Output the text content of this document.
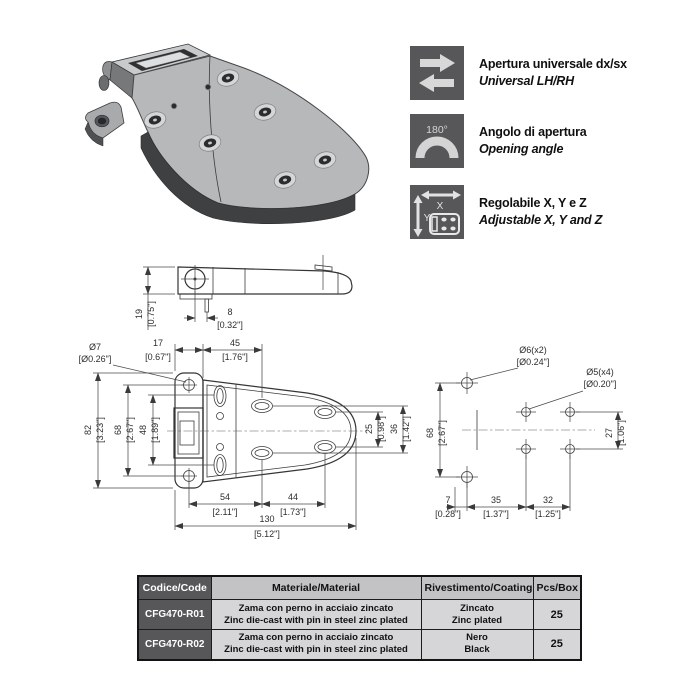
Apertura universale dx/sx
Universal LH/RH
180° Angolo di apertura
Opening angle
X
Y
Regolabile X, Y e Z
Adjustable X, Y and Z
19 [0.75"]	8
[0.32"]
Ø7
[Ø0.26"]
17
[0.67"]
45
[1.76"]
82 [3.23"] 68 [2.67"] 48 [1.89"]	25 [0.98"] 36 [1.42"]
54
[2.11"]
44
[1.73"]
130
[5.12"]
Ø6(x2)
[Ø0.24"]
Ø5(x4)
[Ø0.20"]
68 [2.67"]	27 [1.06"]
7
[0.28"]
35
[1.37"]
32
[1.25"]
Codice/Code	Materiale/Material	Rivestimento/Coating	Pcs/Box
CFG470-R01	Zama con perno in acciaio zincato
Zinc die-cast with pin in steel zinc plated	Zincato
Zinc plated	25
CFG470-R02	Zama con perno in acciaio zincato
Zinc die-cast with pin in steel zinc plated	Nero
Black	25
